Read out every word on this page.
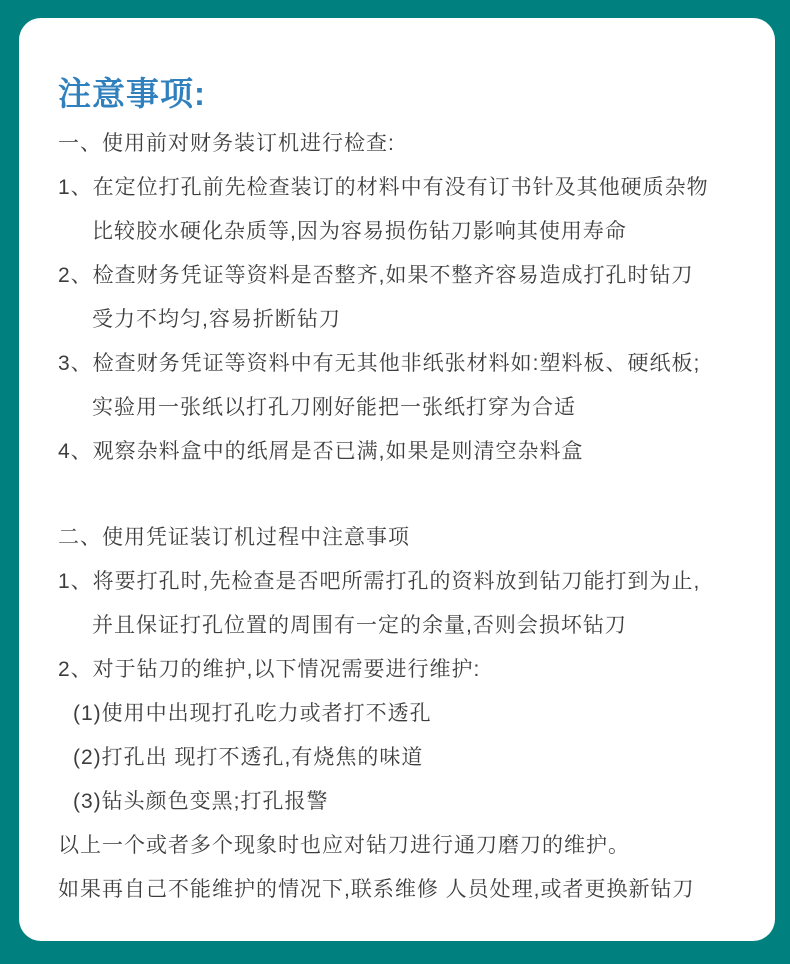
注意事项:
一、使用前对财务装订机进行检查:
1、在定位打孔前先检查装订的材料中有没有订书针及其他硬质杂物
比较胶水硬化杂质等,因为容易损伤钻刀影响其使用寿命
2、检查财务凭证等资料是否整齐,如果不整齐容易造成打孔时钻刀
受力不均匀,容易折断钻刀
3、检查财务凭证等资料中有无其他非纸张材料如:塑料板、硬纸板;
实验用一张纸以打孔刀刚好能把一张纸打穿为合适
4、观察杂料盒中的纸屑是否已满,如果是则清空杂料盒
二、使用凭证装订机过程中注意事项
1、将要打孔时,先检查是否吧所需打孔的资料放到钻刀能打到为止,
并且保证打孔位置的周围有一定的余量,否则会损坏钻刀
2、对于钻刀的维护,以下情况需要进行维护:
(1)使用中出现打孔吃力或者打不透孔
(2)打孔出 现打不透孔,有烧焦的味道
(3)钻头颜色变黑;打孔报警
以上一个或者多个现象时也应对钻刀进行通刀磨刀的维护。
如果再自己不能维护的情况下,联系维修 人员处理,或者更换新钻刀
